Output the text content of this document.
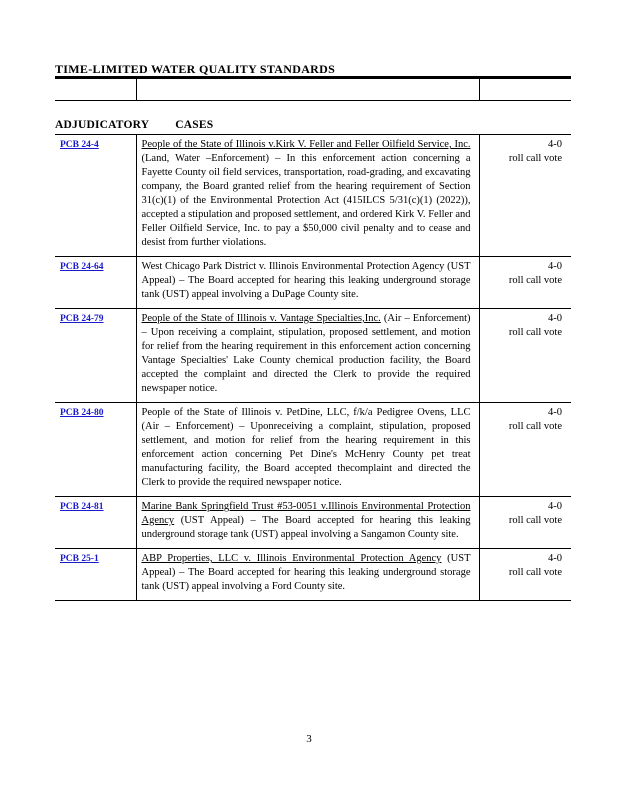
TIME-LIMITED WATER QUALITY STANDARDS
ADJUDICATORY CASES
PCB 24-4	People of the State of Illinois v.Kirk V. Feller and Feller Oilfield Service, Inc. (Land, Water –Enforcement) – In this enforcement action concerning a Fayette County oil field services, transportation, road-grading, and excavating company, the Board granted relief from the hearing requirement of Section 31(c)(1) of the Environmental Protection Act (415ILCS 5/31(c)(1) (2022)), accepted a stipulation and proposed settlement, and ordered Kirk V. Feller and Feller Oilfield Service, Inc. to pay a $50,000 civil penalty and to cease and desist from further violations.	4-0
roll call vote

PCB 24-64	West Chicago Park District v. Illinois Environmental Protection Agency (UST Appeal) – The Board accepted for hearing this leaking underground storage tank (UST) appeal involving a DuPage County site.	4-0
roll call vote

PCB 24-79	People of the State of Illinois v. Vantage Specialties,Inc. (Air – Enforcement) – Upon receiving a complaint, stipulation, proposed settlement, and motion for relief from the hearing requirement in this enforcement action concerning Vantage Specialties' Lake County chemical production facility, the Board accepted the complaint and directed the Clerk to provide the required newspaper notice.	4-0
roll call vote

PCB 24-80	People of the State of Illinois v. PetDine, LLC, f/k/a Pedigree Ovens, LLC (Air – Enforcement) – Uponreceiving a complaint, stipulation, proposed settlement, and motion for relief from the hearing requirement in this enforcement action concerning Pet Dine's McHenry County pet treat manufacturing facility, the Board accepted thecomplaint and directed the Clerk to provide the required newspaper notice.	4-0
roll call vote

PCB 24-81	Marine Bank Springfield Trust #53-0051 v.Illinois Environmental Protection Agency (UST Appeal) – The Board accepted for hearing this leaking underground storage tank (UST) appeal involving a Sangamon County site.	4-0
roll call vote

PCB 25-1	ABP Properties, LLC v. Illinois Environmental Protection Agency (UST Appeal) – The Board accepted for hearing this leaking underground storage tank (UST) appeal involving a Ford County site.	4-0
roll call vote
3
